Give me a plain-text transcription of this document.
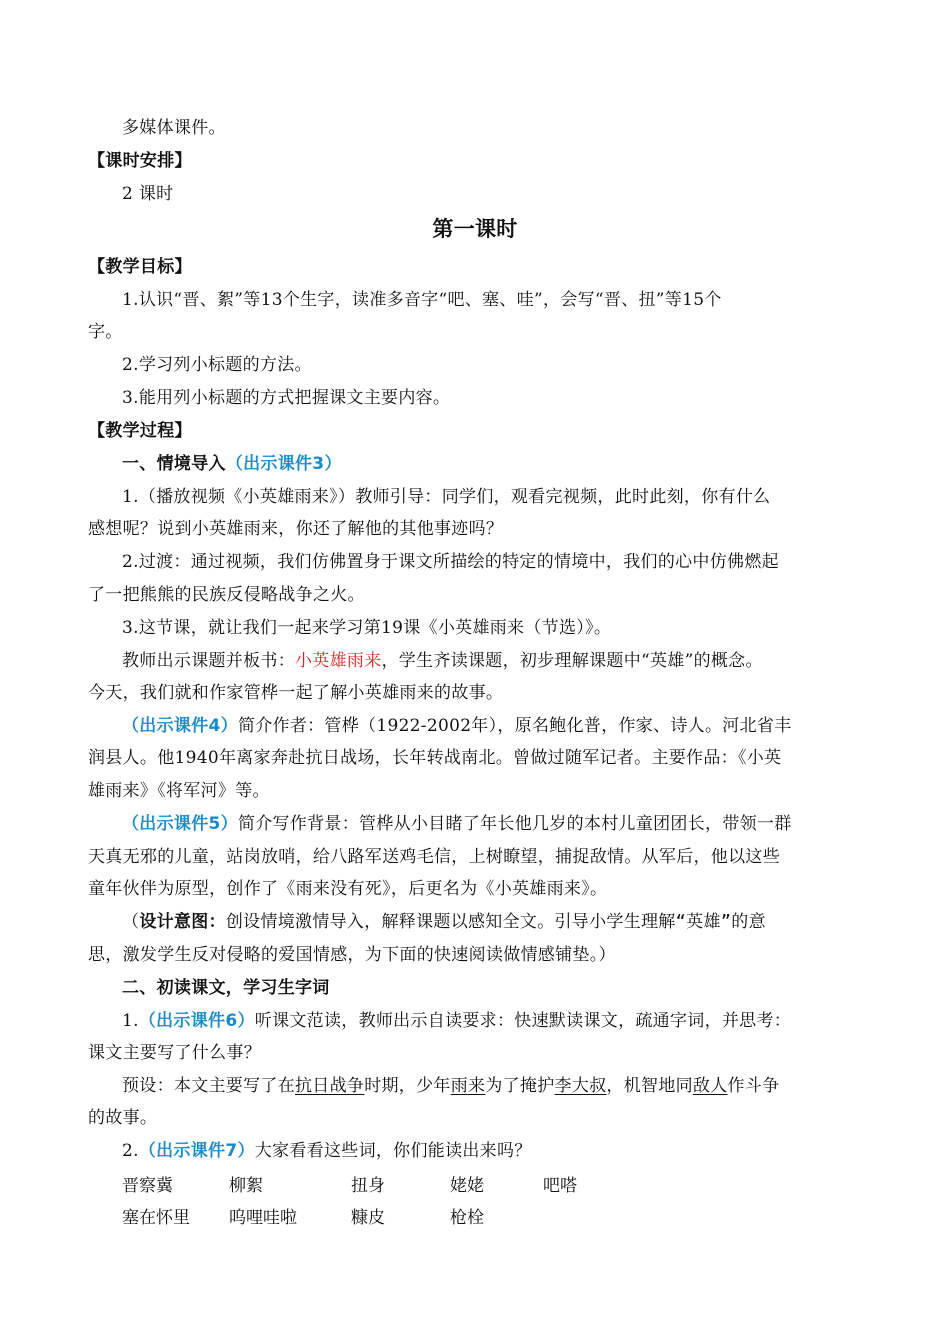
多媒体课件。
【课时安排】
2 课时
第一课时
【教学目标】
1.认识“晋、絮”等13个生字，读准多音字“吧、塞、哇”，会写“晋、扭”等15个
字。
2.学习列小标题的方法。
3.能用列小标题的方式把握课文主要内容。
【教学过程】
一、情境导入（出示课件3）
1.（播放视频《小英雄雨来》）教师引导：同学们，观看完视频，此时此刻，你有什么
感想呢？说到小英雄雨来，你还了解他的其他事迹吗？
2.过渡：通过视频，我们仿佛置身于课文所描绘的特定的情境中，我们的心中仿佛燃起
了一把熊熊的民族反侵略战争之火。
3.这节课，就让我们一起来学习第19课《小英雄雨来（节选）》。
教师出示课题并板书：小英雄雨来，学生齐读课题，初步理解课题中“英雄”的概念。
今天，我们就和作家管桦一起了解小英雄雨来的故事。
（出示课件4）简介作者：管桦（1922-2002年），原名鲍化普，作家、诗人。河北省丰
润县人。他1940年离家奔赴抗日战场，长年转战南北。曾做过随军记者。主要作品：《小英
雄雨来》《将军河》等。
（出示课件5）简介写作背景：管桦从小目睹了年长他几岁的本村儿童团团长，带领一群
天真无邪的儿童，站岗放哨，给八路军送鸡毛信，上树瞭望，捕捉敌情。从军后，他以这些
童年伙伴为原型，创作了《雨来没有死》，后更名为《小英雄雨来》。
（设计意图：创设情境激情导入，解释课题以感知全文。引导小学生理解“英雄”的意
思，激发学生反对侵略的爱国情感，为下面的快速阅读做情感铺垫。）
二、初读课文，学习生字词
1.（出示课件6）听课文范读，教师出示自读要求：快速默读课文，疏通字词，并思考：
课文主要写了什么事？
预设：本文主要写了在抗日战争时期，少年雨来为了掩护李大叔，机智地同敌人作斗争
的故事。
2.（出示课件7）大家看看这些词，你们能读出来吗？
晋察冀	柳絮	扭身	姥姥	吧嗒
塞在怀里 呜哩哇啦	糠皮	枪栓
